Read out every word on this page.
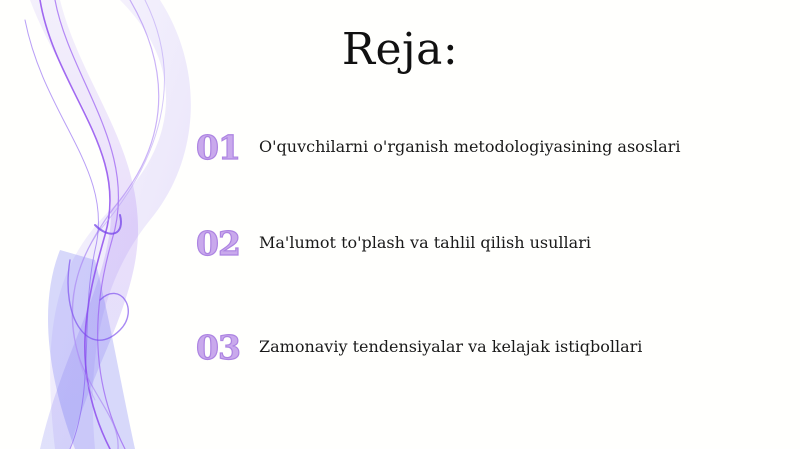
Reja:
01	O'quvchilarni o'rganish metodologiyasining asoslari
02	Ma'lumot to'plash va tahlil qilish usullari
03	Zamonaviy tendensiyalar va kelajak istiqbollari
